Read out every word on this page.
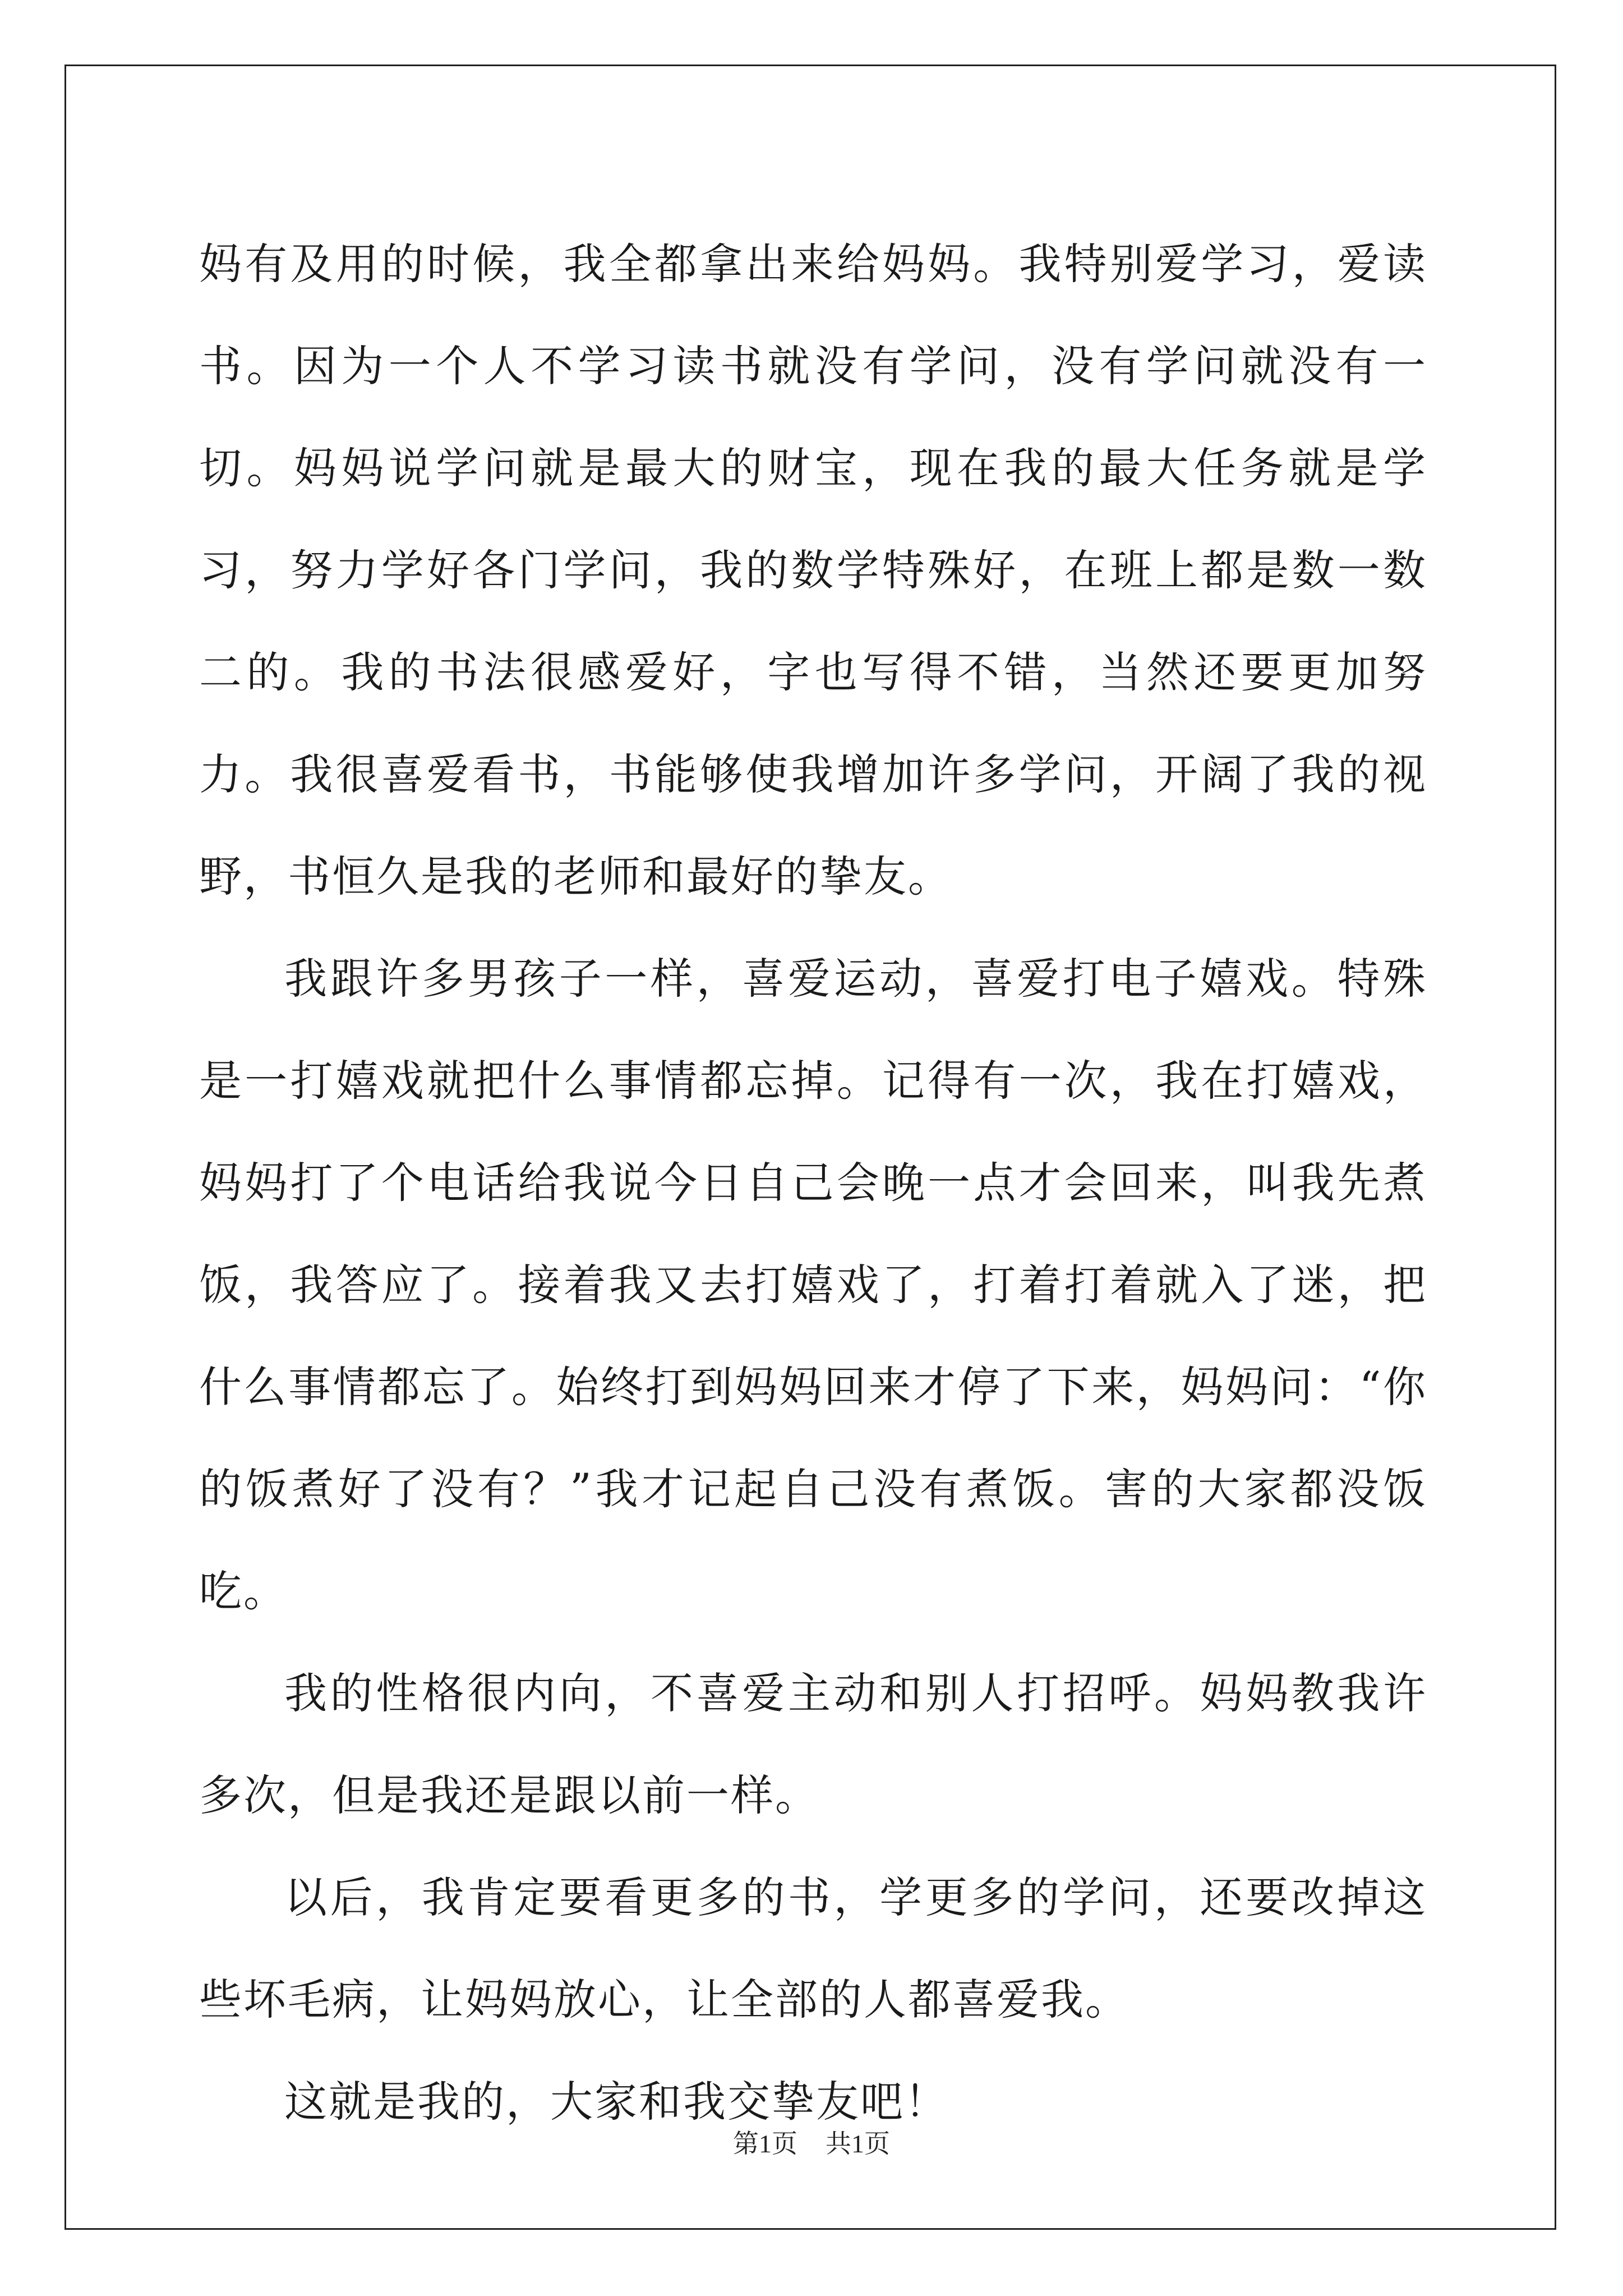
妈有及用的时候，我全都拿出来给妈妈。我特别爱学习，爱读书。因为一个人不学习读书就没有学问，没有学问就没有一切。妈妈说学问就是最大的财宝，现在我的最大任务就是学习，努力学好各门学问，我的数学特殊好，在班上都是数一数二的。我的书法很感爱好，字也写得不错，当然还要更加努力。我很喜爱看书，书能够使我增加许多学问，开阔了我的视野，书恒久是我的老师和最好的挚友。

我跟许多男孩子一样，喜爱运动，喜爱打电子嬉戏。特殊是一打嬉戏就把什么事情都忘掉。记得有一次，我在打嬉戏，妈妈打了个电话给我说今日自己会晚一点才会回来，叫我先煮饭，我答应了。接着我又去打嬉戏了，打着打着就入了迷，把什么事情都忘了。始终打到妈妈回来才停了下来，妈妈问：“你的饭煮好了没有？”我才记起自己没有煮饭。害的大家都没饭吃。

我的性格很内向，不喜爱主动和别人打招呼。妈妈教我许多次，但是我还是跟以前一样。

以后，我肯定要看更多的书，学更多的学问，还要改掉这些坏毛病，让妈妈放心，让全部的人都喜爱我。

这就是我的，大家和我交挚友吧！

第1页 共1页
